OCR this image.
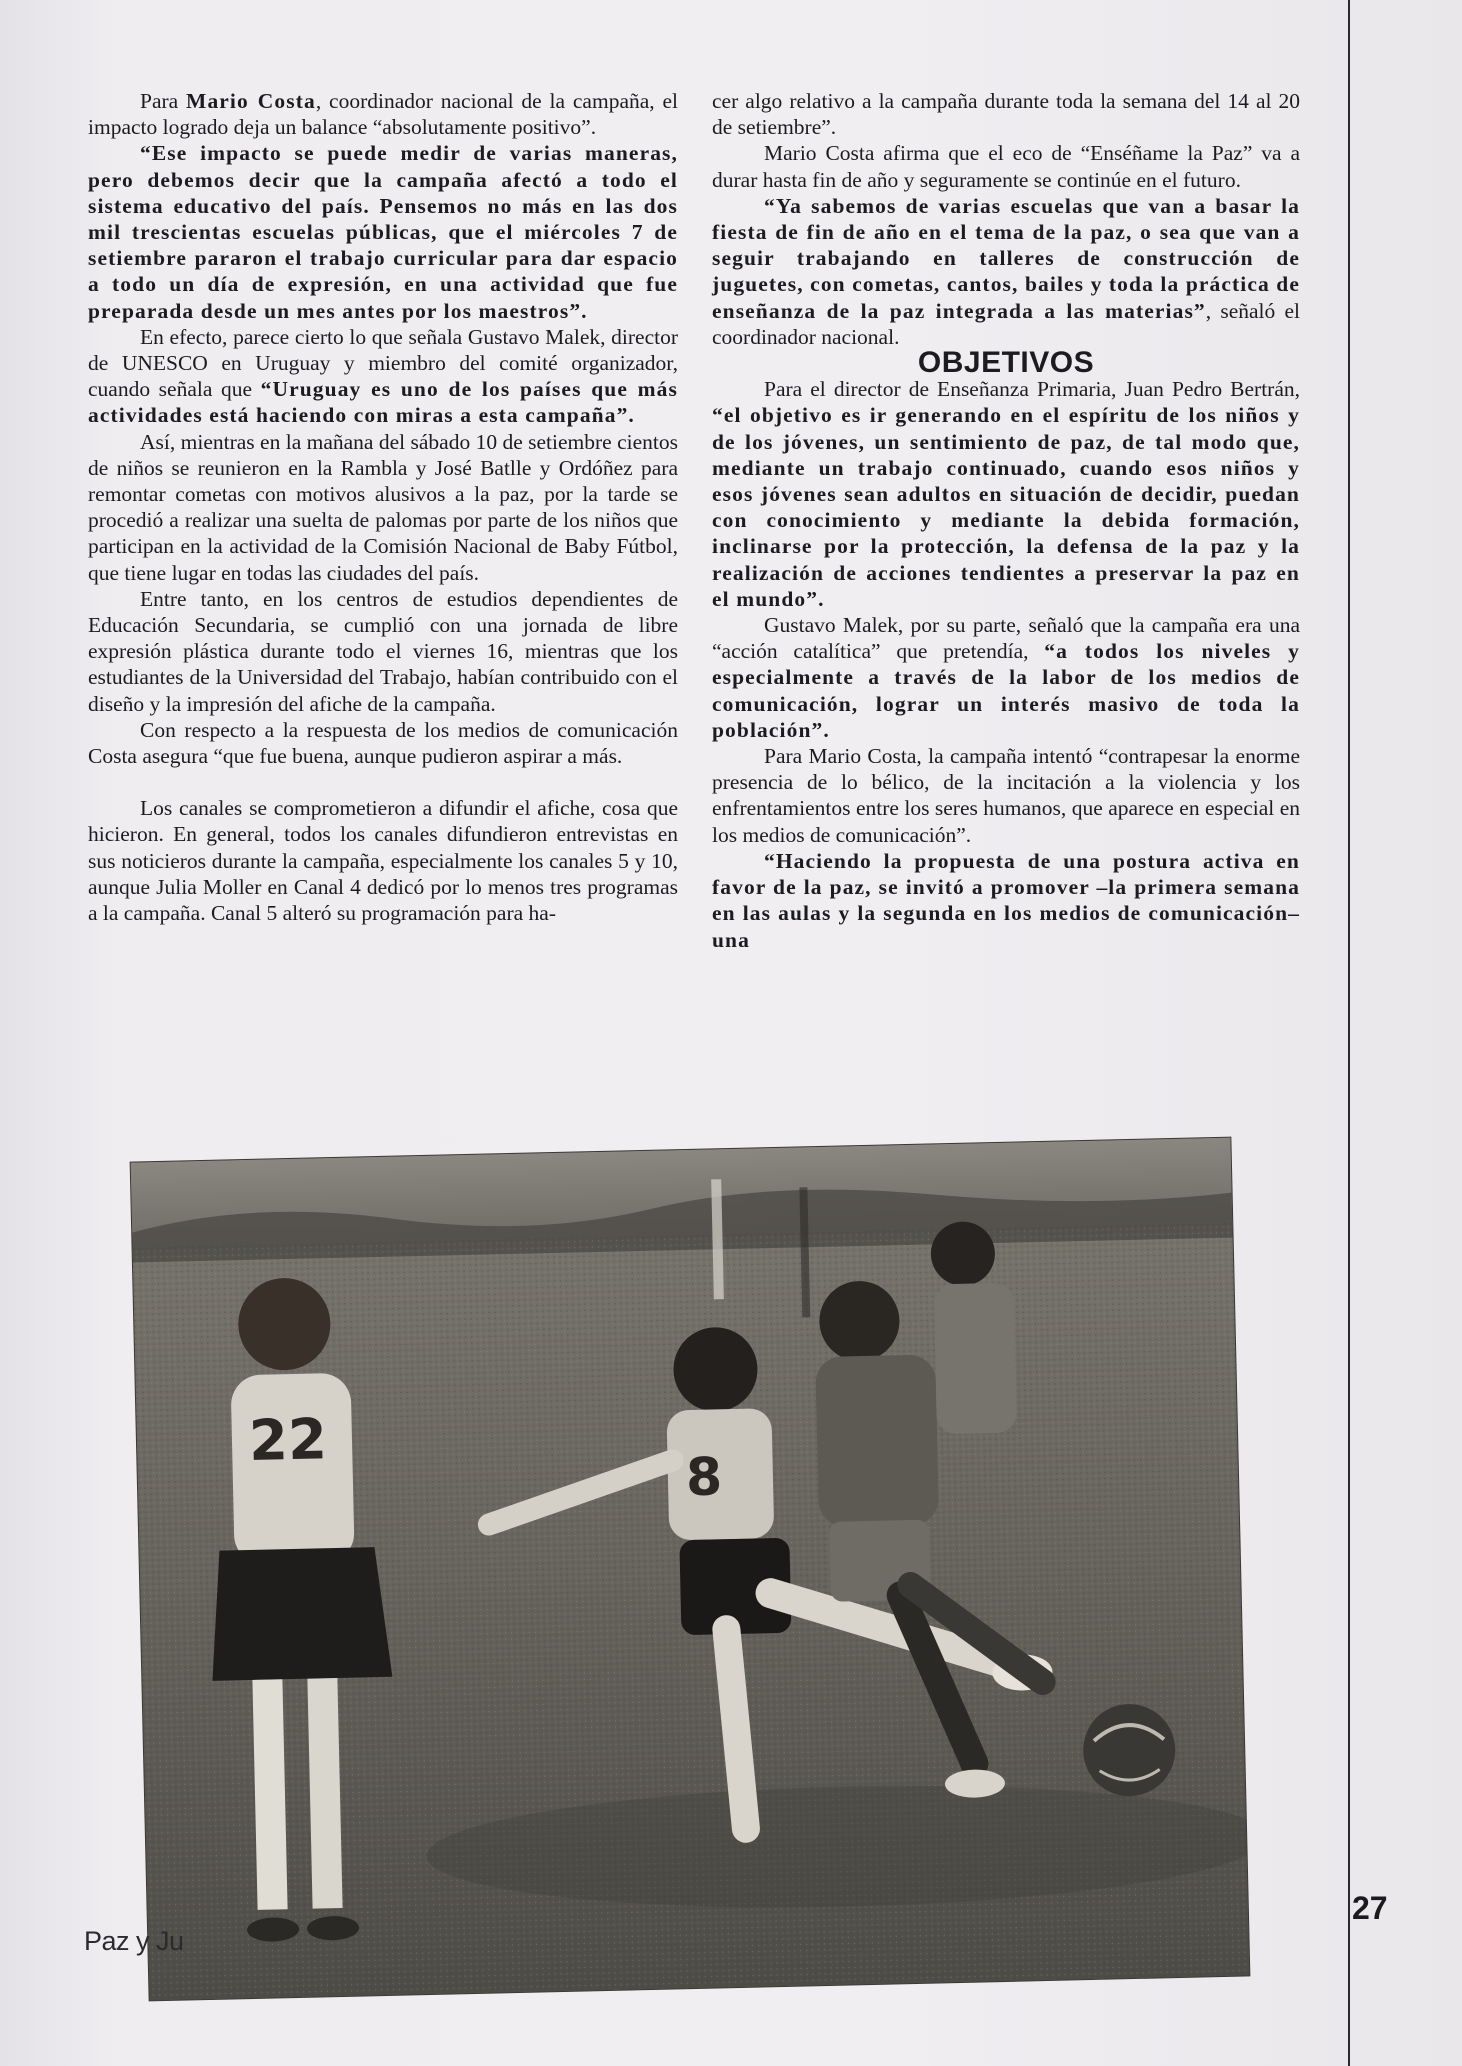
Para Mario Costa, coordinador nacional de la campaña, el impacto logrado deja un balance “absolutamente positivo”.

“Ese impacto se puede medir de varias maneras, pero debemos decir que la campaña afectó a todo el sistema educativo del país. Pensemos no más en las dos mil trescientas escuelas públicas, que el miércoles 7 de setiembre pararon el trabajo curricular para dar espacio a todo un día de expresión, en una actividad que fue preparada desde un mes antes por los maestros”.

En efecto, parece cierto lo que señala Gustavo Malek, director de UNESCO en Uruguay y miembro del comité organizador, cuando señala que “Uruguay es uno de los países que más actividades está haciendo con miras a esta campaña”.

Así, mientras en la mañana del sábado 10 de setiembre cientos de niños se reunieron en la Rambla y José Batlle y Ordóñez para remontar cometas con motivos alusivos a la paz, por la tarde se procedió a realizar una suelta de palomas por parte de los niños que participan en la actividad de la Comisión Nacional de Baby Fútbol, que tiene lugar en todas las ciudades del país.

Entre tanto, en los centros de estudios dependientes de Educación Secundaria, se cumplió con una jornada de libre expresión plástica durante todo el viernes 16, mientras que los estudiantes de la Universidad del Trabajo, habían contribuido con el diseño y la impresión del afiche de la campaña.

Con respecto a la respuesta de los medios de comunicación Costa asegura “que fue buena, aunque pudieron aspirar a más.

Los canales se comprometieron a difundir el afiche, cosa que hicieron. En general, todos los canales difundieron entrevistas en sus noticieros durante la campaña, especialmente los canales 5 y 10, aunque Julia Moller en Canal 4 dedicó por lo menos tres programas a la campaña. Canal 5 alteró su programación para ha-

cer algo relativo a la campaña durante toda la semana del 14 al 20 de setiembre”.

Mario Costa afirma que el eco de “Enséñame la Paz” va a durar hasta fin de año y seguramente se continúe en el futuro.

“Ya sabemos de varias escuelas que van a basar la fiesta de fin de año en el tema de la paz, o sea que van a seguir trabajando en talleres de construcción de juguetes, con cometas, cantos, bailes y toda la práctica de enseñanza de la paz integrada a las materias”, señaló el coordinador nacional.

OBJETIVOS

Para el director de Enseñanza Primaria, Juan Pedro Bertrán, “el objetivo es ir generando en el espíritu de los niños y de los jóvenes, un sentimiento de paz, de tal modo que, mediante un trabajo continuado, cuando esos niños y esos jóvenes sean adultos en situación de decidir, puedan con conocimiento y mediante la debida formación, inclinarse por la protección, la defensa de la paz y la realización de acciones tendientes a preservar la paz en el mundo”.

Gustavo Malek, por su parte, señaló que la campaña era una “acción catalítica” que pretendía, “a todos los niveles y especialmente a través de la labor de los medios de comunicación, lograr un interés masivo de toda la población”.

Para Mario Costa, la campaña intentó “contrapesar la enorme presencia de lo bélico, de la incitación a la violencia y los enfrentamientos entre los seres humanos, que aparece en especial en los medios de comunicación”.

“Haciendo la propuesta de una postura activa en favor de la paz, se invitó a promover –la primera semana en las aulas y la segunda en los medios de comunicación– una

22
8
Paz y Ju
27
